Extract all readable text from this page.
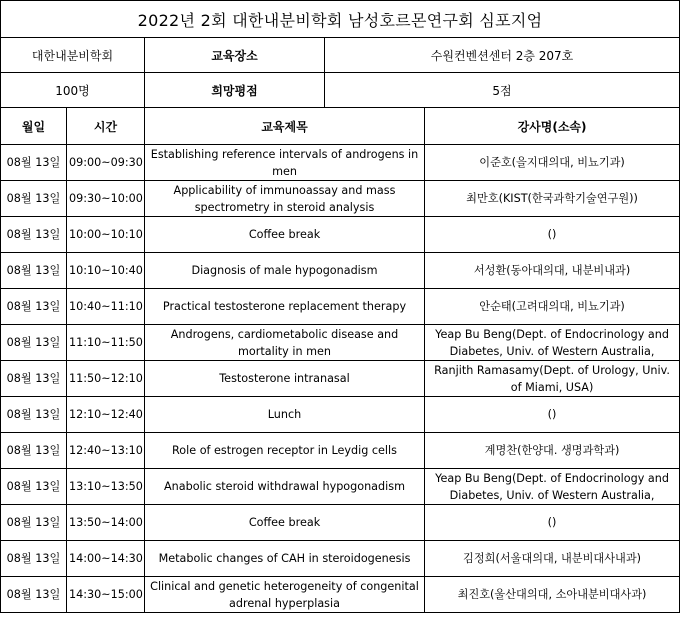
2022년 2회 대한내분비학회 남성호르몬연구회 심포지엄				
대한내분비학회		교육장소	수원컨벤션센터 2층 207호	
100명		희망평점	5점	
월일	시간	교육제목		강사명(소속)
08월 13일	09:00~09:30	Establishing reference intervals of androgens in men		이준호(을지대의대, 비뇨기과)
08월 13일	09:30~10:00	Applicability of immunoassay and mass spectrometry in steroid analysis		최만호(KIST(한국과학기술연구원))
08월 13일	10:00~10:10	Coffee break		()
08월 13일	10:10~10:40	Diagnosis of male hypogonadism		서성환(동아대의대, 내분비내과)
08월 13일	10:40~11:10	Practical testosterone replacement therapy		안순태(고려대의대, 비뇨기과)
08월 13일	11:10~11:50	Androgens, cardiometabolic disease and mortality in men		Yeap Bu Beng(Dept. of Endocrinology and Diabetes, Univ. of Western Australia,
08월 13일	11:50~12:10	Testosterone intranasal		Ranjith Ramasamy(Dept. of Urology, Univ. of Miami, USA)
08월 13일	12:10~12:40	Lunch		()
08월 13일	12:40~13:10	Role of estrogen receptor in Leydig cells		계명찬(한양대. 생명과학과)
08월 13일	13:10~13:50	Anabolic steroid withdrawal hypogonadism		Yeap Bu Beng(Dept. of Endocrinology and Diabetes, Univ. of Western Australia,
08월 13일	13:50~14:00	Coffee break		()
08월 13일	14:00~14:30	Metabolic changes of CAH in steroidogenesis		김정희(서울대의대, 내분비대사내과)
08월 13일	14:30~15:00	Clinical and genetic heterogeneity of congenital adrenal hyperplasia		최진호(울산대의대, 소아내분비대사과)
